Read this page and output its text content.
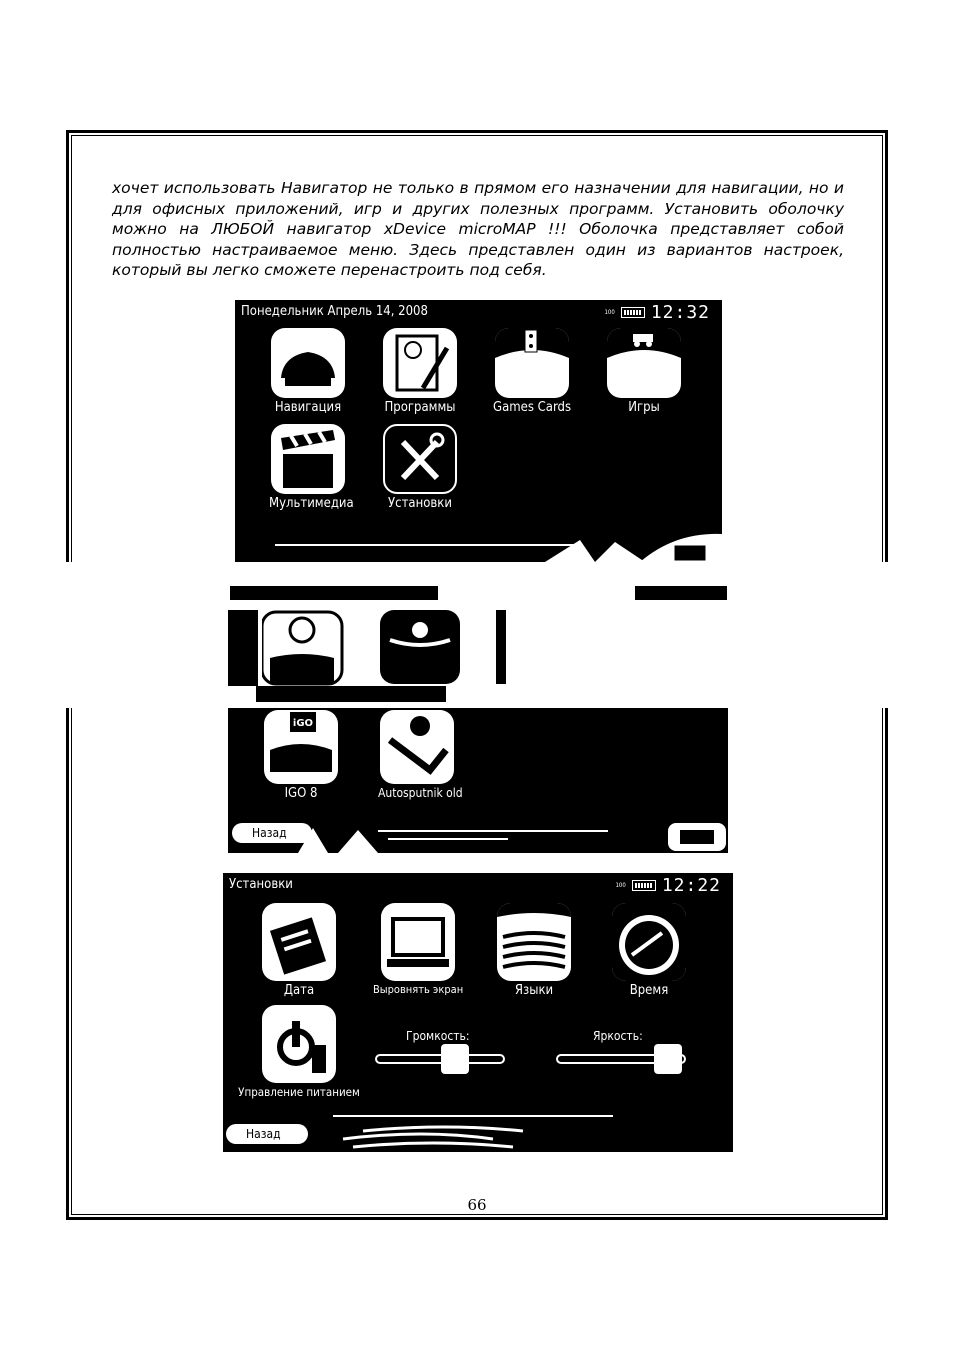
хочет использовать Навигатор не только в прямом его назначении для навигации, но и для офисных приложений, игр и других полезных программ. Установить оболочку можно на ЛЮБОЙ навигатор xDevice microMAP !!! Оболочка представляет собой полностью настраиваемое меню. Здесь представлен один из вариантов настроек, который вы легко сможете перенастроить под себя.

Понедельник Апрель 14, 2008	100 12:32
Навигация	Программы	Games Cards	Игры
Мультимедиа	Установки
iGO
IGO 8	Autosputnik old
Назад
Установки	100 12:22
Дата	Выровнять экран	Языки	Время
Управление питанием
Громкость:	Яркость:
Назад
66
